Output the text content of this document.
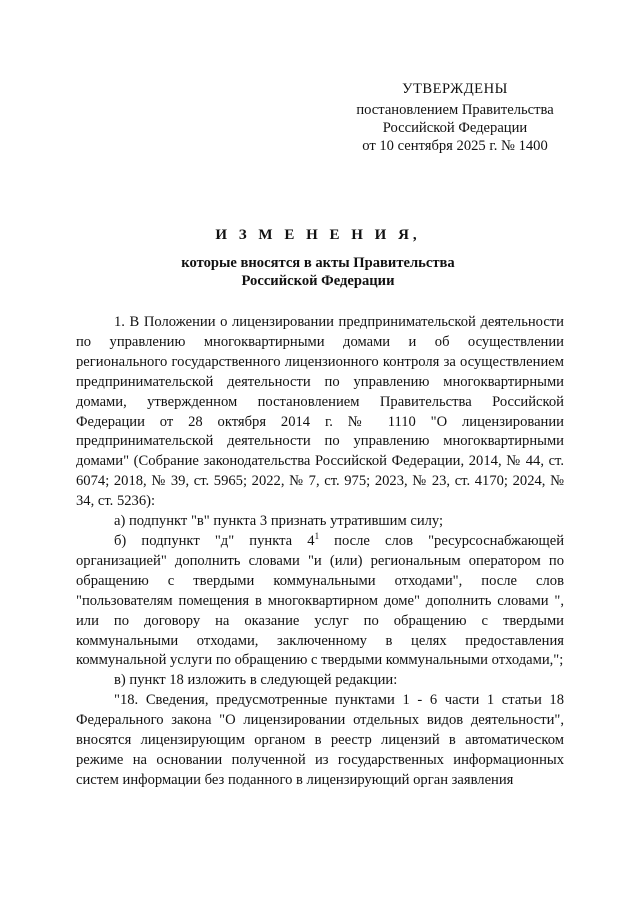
УТВЕРЖДЕНЫ
постановлением Правительства
Российской Федерации
от 10 сентября 2025 г. № 1400
И З М Е Н Е Н И Я,
которые вносятся в акты Правительства
Российской Федерации

1. В Положении о лицензировании предпринимательской деятельности по управлению многоквартирными домами и об осуществлении регионального государственного лицензионного контроля за осуществлением предпринимательской деятельности по управлению многоквартирными домами, утвержденном постановлением Правительства Российской Федерации от 28 октября 2014 г. № 1110 "О лицензировании предпринимательской деятельности по управлению многоквартирными домами" (Собрание законодательства Российской Федерации, 2014, № 44, ст. 6074; 2018, № 39, ст. 5965; 2022, № 7, ст. 975; 2023, № 23, ст. 4170; 2024, № 34, ст. 5236):

а) подпункт "в" пункта 3 признать утратившим силу;

б) подпункт "д" пункта $4^1$ после слов "ресурсоснабжающей организацией" дополнить словами "и (или) региональным оператором по обращению с твердыми коммунальными отходами", после слов "пользователям помещения в многоквартирном доме" дополнить словами ", или по договору на оказание услуг по обращению с твердыми коммунальными отходами, заключенному в целях предоставления коммунальной услуги по обращению с твердыми коммунальными отходами,";

в) пункт 18 изложить в следующей редакции:

"18. Сведения, предусмотренные пунктами 1 - 6 части 1 статьи 18 Федерального закона "О лицензировании отдельных видов деятельности", вносятся лицензирующим органом в реестр лицензий в автоматическом режиме на основании полученной из государственных информационных систем информации без поданного в лицензирующий орган заявления
